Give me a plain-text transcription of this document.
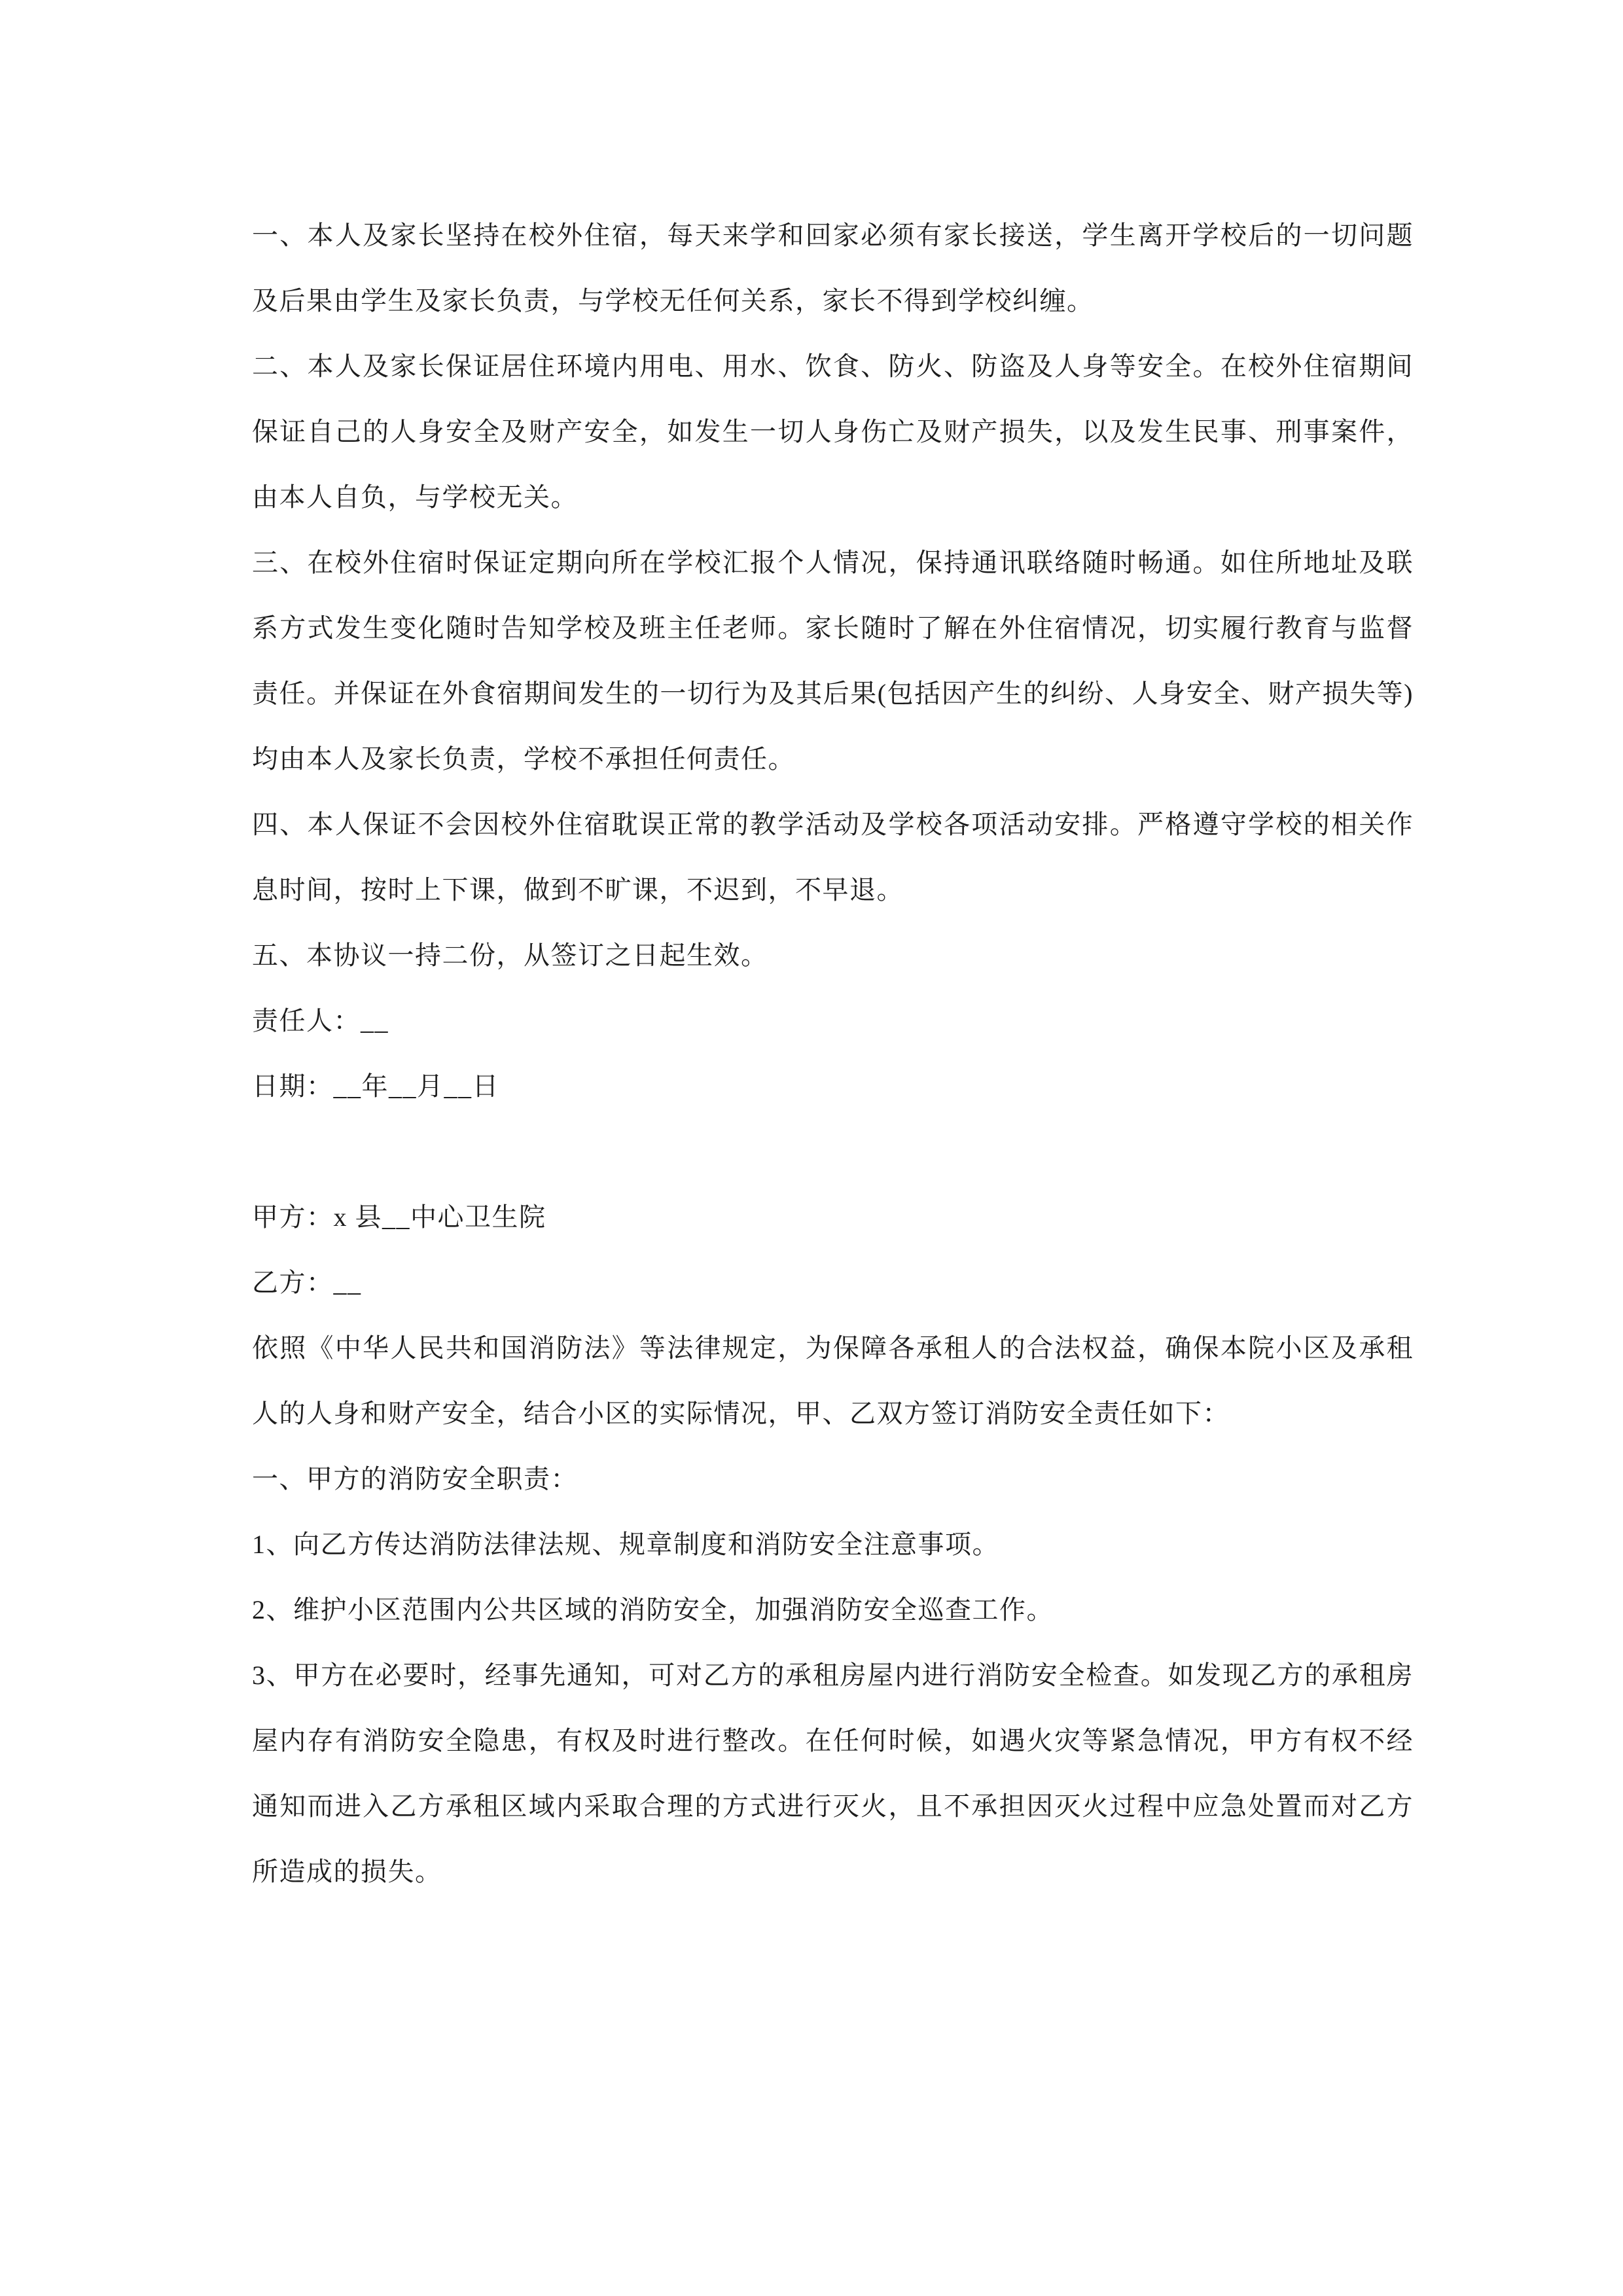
一、本人及家长坚持在校外住宿，每天来学和回家必须有家长接送，学生离开学校后的一切问题及后果由学生及家长负责，与学校无任何关系，家长不得到学校纠缠。

二、本人及家长保证居住环境内用电、用水、饮食、防火、防盗及人身等安全。在校外住宿期间保证自己的人身安全及财产安全，如发生一切人身伤亡及财产损失，以及发生民事、刑事案件，由本人自负，与学校无关。

三、在校外住宿时保证定期向所在学校汇报个人情况，保持通讯联络随时畅通。如住所地址及联系方式发生变化随时告知学校及班主任老师。家长随时了解在外住宿情况，切实履行教育与监督责任。并保证在外食宿期间发生的一切行为及其后果(包括因产生的纠纷、人身安全、财产损失等)均由本人及家长负责，学校不承担任何责任。

四、本人保证不会因校外住宿耽误正常的教学活动及学校各项活动安排。严格遵守学校的相关作息时间，按时上下课，做到不旷课，不迟到，不早退。

五、本协议一持二份，从签订之日起生效。

责任人：__

日期：__年__月__日

甲方：x 县__中心卫生院

乙方：__

依照《中华人民共和国消防法》等法律规定，为保障各承租人的合法权益，确保本院小区及承租人的人身和财产安全，结合小区的实际情况，甲、乙双方签订消防安全责任如下：

一、甲方的消防安全职责：

1、向乙方传达消防法律法规、规章制度和消防安全注意事项。

2、维护小区范围内公共区域的消防安全，加强消防安全巡查工作。

3、甲方在必要时，经事先通知，可对乙方的承租房屋内进行消防安全检查。如发现乙方的承租房屋内存有消防安全隐患，有权及时进行整改。在任何时候，如遇火灾等紧急情况，甲方有权不经通知而进入乙方承租区域内采取合理的方式进行灭火，且不承担因灭火过程中应急处置而对乙方所造成的损失。
